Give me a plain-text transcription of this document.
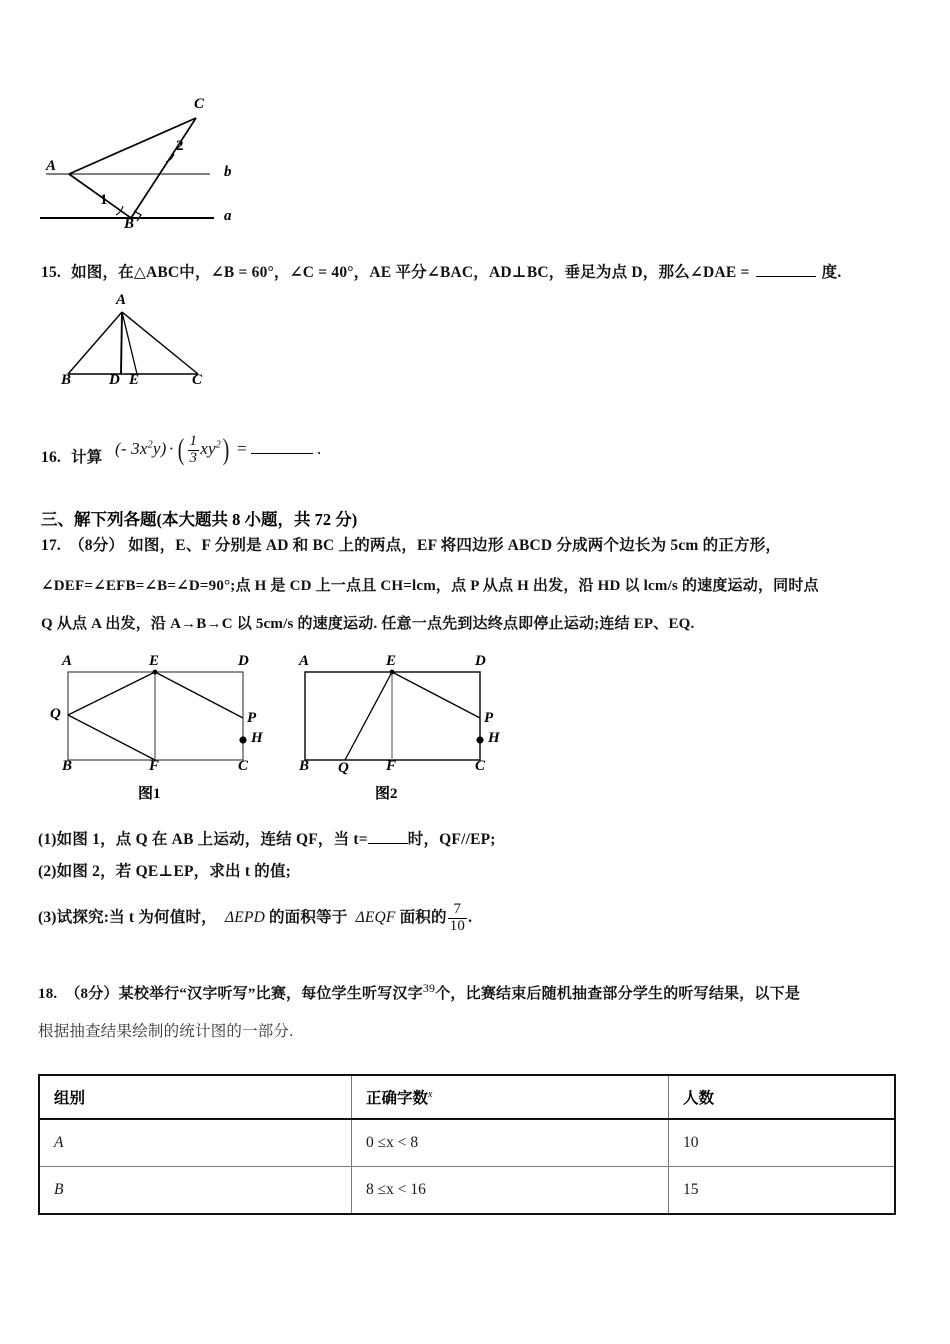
A
B
C
b
a
1
2
15. 如图，在△ABC中，∠B = 60°，∠C = 40°，AE 平分∠BAC，AD⊥BC，垂足为点 D，那么∠DAE =	度.
A
B	D E	C
16. 计算 (- $3x^2y$) · ( $\frac{1}{3} xy^2$) =	.
三、解下列各题(本大题共 8 小题，共 72 分)
17. （8分） 如图，E、F 分别是 AD 和 BC 上的两点，EF 将四边形 ABCD 分成两个边长为 5cm 的正方形，
∠DEF=∠EFB=∠B=∠D=90°;点 H 是 CD 上一点且 CH=lcm，点 P 从点 H 出发，沿 HD 以 lcm/s 的速度运动，同时点
Q 从点 A 出发，沿 A→B→C 以 5cm/s 的速度运动. 任意一点先到达终点即停止运动;连结 EP、EQ.
A	E	D
Q	P
H
B	F	C
图1
A	E	D
P
H
B Q F	C
图2
(1)如图 1，点 Q 在 AB 上运动，连结 QF，当 t=	时，QF//EP;
(2)如图 2，若 QE⊥EP，求出 t 的值;
(3)试探究:当 t 为何值时， ΔEPD 的面积等于 ΔEQF 面积的 $\frac{7}{10}$ .
18. （8分）某校举行“汉字听写”比赛，每位学生听写汉字$^{39}$个，比赛结束后随机抽查部分学生的听写结果，以下是
根据抽查结果绘制的统计图的一部分.
组别	正确字数$^x$	人数
A	0 ≤x < 8	10
B	8 ≤x < 16	15
